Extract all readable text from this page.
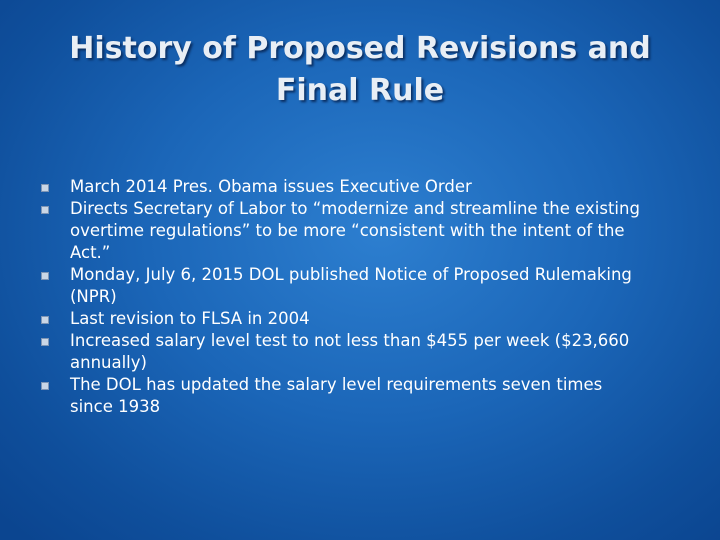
History of Proposed Revisions and
Final Rule
March 2014 Pres. Obama issues Executive Order
Directs Secretary of Labor to “modernize and streamline the existing
overtime regulations” to be more “consistent with the intent of the
Act.”
Monday, July 6, 2015 DOL published Notice of Proposed Rulemaking
(NPR)
Last revision to FLSA in 2004
Increased salary level test to not less than $455 per week ($23,660
annually)
The DOL has updated the salary level requirements seven times
since 1938
